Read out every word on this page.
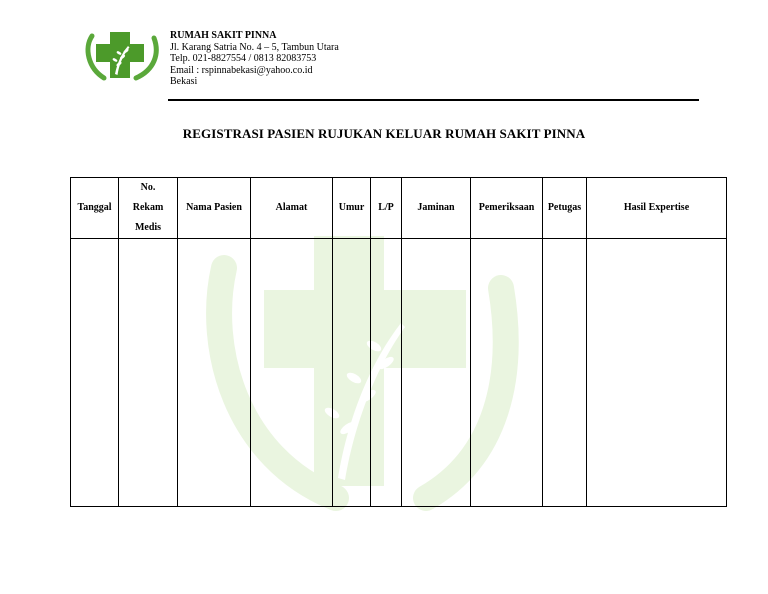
RUMAH SAKIT PINNA
Jl. Karang Satria No. 4 – 5, Tambun Utara
Telp. 021-8827554 / 0813 82083753
Email : rspinnabekasi@yahoo.co.id
Bekasi
REGISTRASI PASIEN RUJUKAN KELUAR RUMAH SAKIT PINNA
Tanggal	No.
Rekam
Medis	Nama Pasien	Alamat	Umur	L/P	Jaminan	Pemeriksaan	Petugas	Hasil Expertise
